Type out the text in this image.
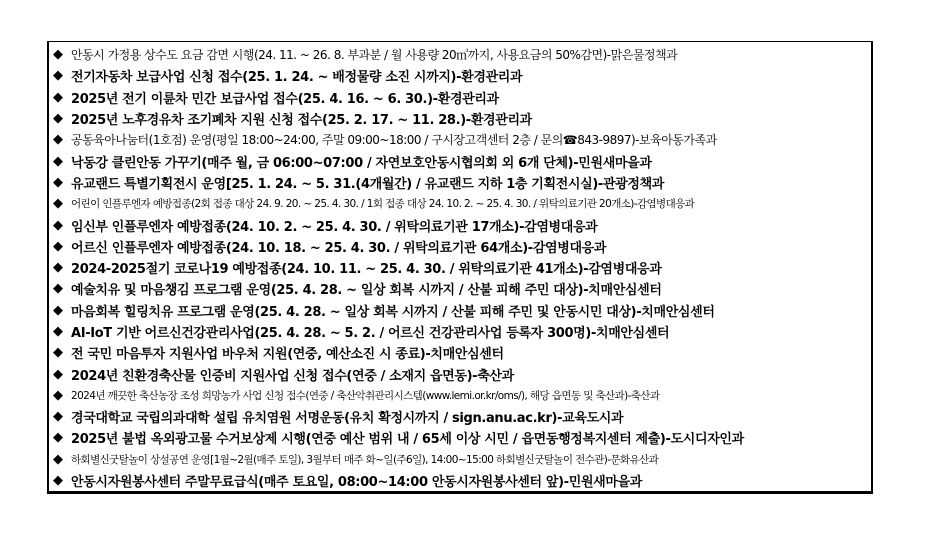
◆ 안동시 가정용 상수도 요금 감면 시행(24. 11. ~ 26. 8. 부과분 / 월 사용량 20㎥까지, 사용요금의 50%감면)-맑은물정책과
◆ 전기자동차 보급사업 신청 접수(25. 1. 24. ~ 배정물량 소진 시까지)-환경관리과
◆ 2025년 전기 이륜차 민간 보급사업 접수(25. 4. 16. ~ 6. 30.)-환경관리과
◆ 2025년 노후경유차 조기폐차 지원 신청 접수(25. 2. 17. ~ 11. 28.)-환경관리과
◆ 공동육아나눔터(1호점) 운영(평일 18:00~24:00, 주말 09:00~18:00 / 구시장고객센터 2층 / 문의☎843-9897)-보육아동가족과
◆ 낙동강 클린안동 가꾸기(매주 월, 금 06:00~07:00 / 자연보호안동시협의회 외 6개 단체)-민원새마을과
◆ 유교랜드 특별기획전시 운영[25. 1. 24. ~ 5. 31.(4개월간) / 유교랜드 지하 1층 기획전시실)-관광정책과
◆ 어린이 인플루엔자 예방접종(2회 접종 대상 24. 9. 20. ~ 25. 4. 30. / 1회 접종 대상 24. 10. 2. ~ 25. 4. 30. / 위탁의료기관 20개소)-감염병대응과
◆ 임신부 인플루엔자 예방접종(24. 10. 2. ~ 25. 4. 30. / 위탁의료기관 17개소)-감염병대응과
◆ 어르신 인플루엔자 예방접종(24. 10. 18. ~ 25. 4. 30. / 위탁의료기관 64개소)-감염병대응과
◆ 2024-2025절기 코로나19 예방접종(24. 10. 11. ~ 25. 4. 30. / 위탁의료기관 41개소)-감염병대응과
◆ 예술치유 및 마음챙김 프로그램 운영(25. 4. 28. ~ 일상 회복 시까지 / 산불 피해 주민 대상)-치매안심센터
◆ 마음회복 힐링치유 프로그램 운영(25. 4. 28. ~ 일상 회복 시까지 / 산불 피해 주민 및 안동시민 대상)-치매안심센터
◆ AI-IoT 기반 어르신건강관리사업(25. 4. 28. ~ 5. 2. / 어르신 건강관리사업 등록자 300명)-치매안심센터
◆ 전 국민 마음투자 지원사업 바우처 지원(연중, 예산소진 시 종료)-치매안심센터
◆ 2024년 친환경축산물 인증비 지원사업 신청 접수(연중 / 소재지 읍면동)-축산과
◆ 2024년 깨끗한 축산농장 조성 희망농가 사업 신청 접수(연중 / 축산악취관리시스템(www.lemi.or.kr/oms/), 해당 읍면동 및 축산과)-축산과
◆ 경국대학교 국립의과대학 설립 유치염원 서명운동(유치 확정시까지 / sign.anu.ac.kr)-교육도시과
◆ 2025년 불법 옥외광고물 수거보상제 시행(연중 예산 범위 내 / 65세 이상 시민 / 읍면동행정복지센터 제출)-도시디자인과
◆ 하회별신굿탈놀이 상설공연 운영[1월~2월(매주 토일), 3월부터 매주 화~일(주6일), 14:00~15:00 하회별신굿탈놀이 전수관)-문화유산과
◆ 안동시자원봉사센터 주말무료급식(매주 토요일, 08:00~14:00 안동시자원봉사센터 앞)-민원새마을과
